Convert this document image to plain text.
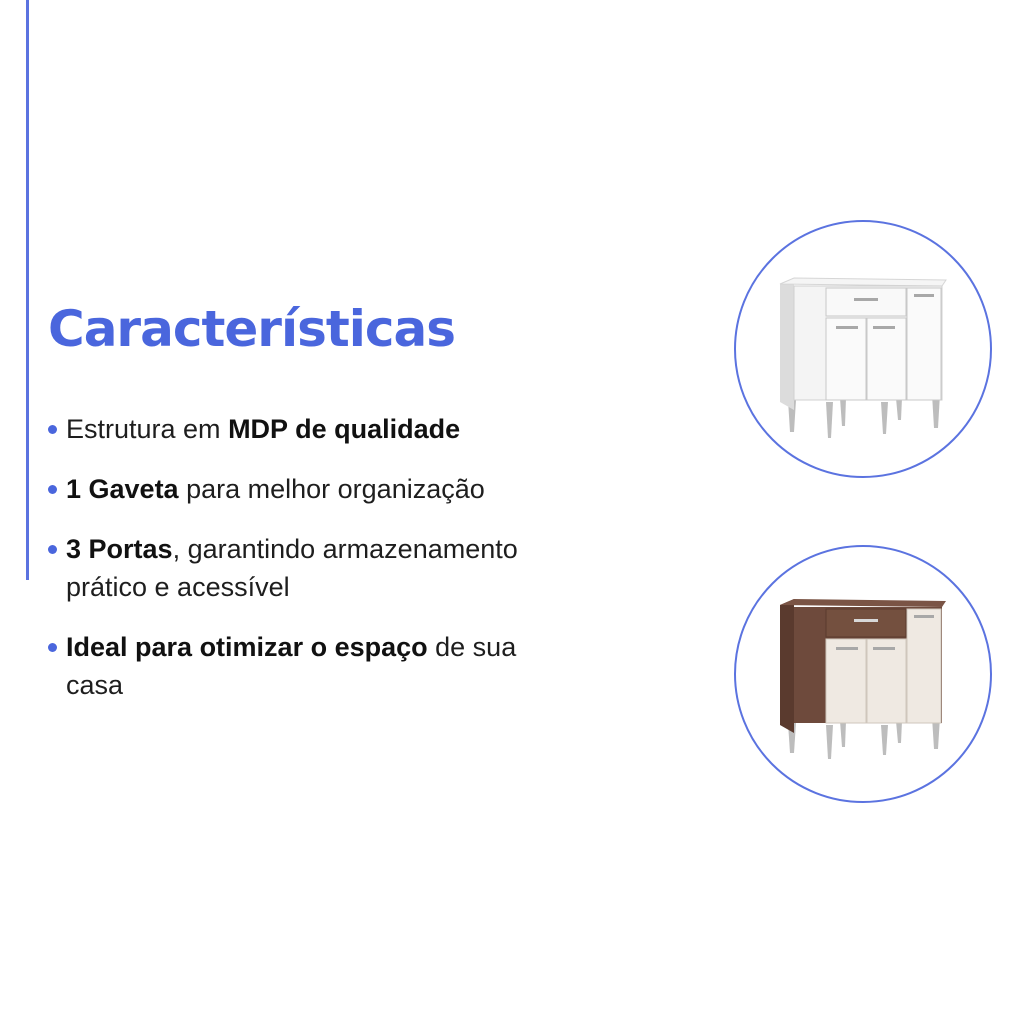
Características
Estrutura em MDP de qualidade
1 Gaveta para melhor organização
3 Portas, garantindo armazenamento prático e acessível
Ideal para otimizar o espaço de sua casa
